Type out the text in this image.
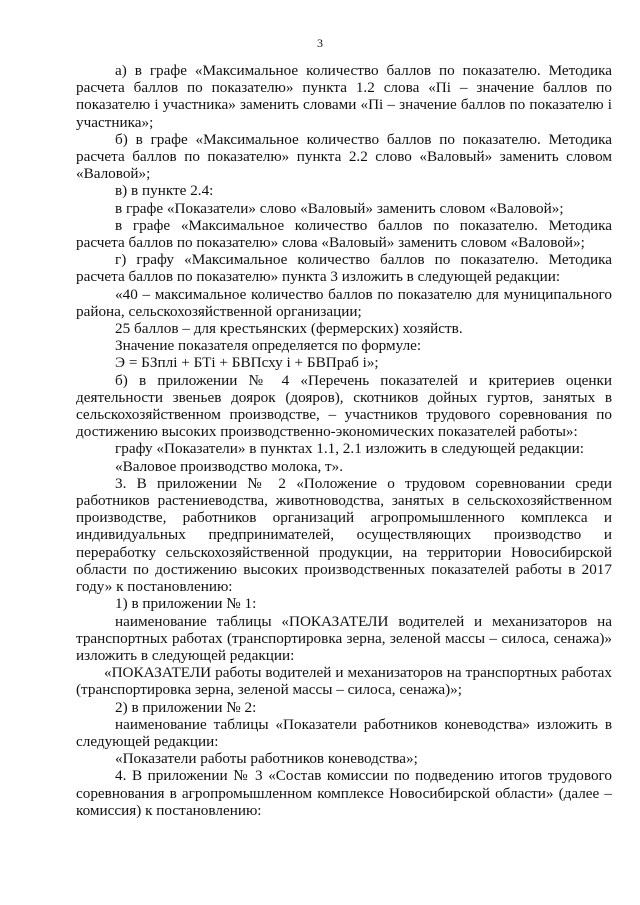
3

а) в графе «Максимальное количество баллов по показателю. Методика расчета баллов по показателю» пункта 1.2 слова «Пi – значение баллов по показателю i участника» заменить словами «Пi – значение баллов по показателю i участника»;

б) в графе «Максимальное количество баллов по показателю. Методика расчета баллов по показателю» пункта 2.2 слово «Валовый» заменить словом «Валовой»;

в) в пункте 2.4:

в графе «Показатели» слово «Валовый» заменить словом «Валовой»;

в графе «Максимальное количество баллов по показателю. Методика расчета баллов по показателю» слова «Валовый» заменить словом «Валовой»;

г) графу «Максимальное количество баллов по показателю. Методика расчета баллов по показателю» пункта 3 изложить в следующей редакции:

«40 – максимальное количество баллов по показателю для муниципального района, сельскохозяйственной организации;

25 баллов – для крестьянских (фермерских) хозяйств.

Значение показателя определяется по формуле:

Э = БЗплi + БТi + БВПсху i + БВПраб i»;

б) в приложении № 4 «Перечень показателей и критериев оценки деятельности звеньев доярок (дояров), скотников дойных гуртов, занятых в сельскохозяйственном производстве, – участников трудового соревнования по достижению высоких производственно-экономических показателей работы»:

графу «Показатели» в пунктах 1.1, 2.1 изложить в следующей редакции:

«Валовое производство молока, т».

3. В приложении № 2 «Положение о трудовом соревновании среди работников растениеводства, животноводства, занятых в сельскохозяйственном производстве, работников организаций агропромышленного комплекса и индивидуальных предпринимателей, осуществляющих производство и переработку сельскохозяйственной продукции, на территории Новосибирской области по достижению высоких производственных показателей работы в 2017 году» к постановлению:

1) в приложении № 1:

наименование таблицы «ПОКАЗАТЕЛИ водителей и механизаторов на транспортных работах (транспортировка зерна, зеленой массы – силоса, сенажа)» изложить в следующей редакции:

«ПОКАЗАТЕЛИ работы водителей и механизаторов на транспортных работах (транспортировка зерна, зеленой массы – силоса, сенажа)»;

2) в приложении № 2:

наименование таблицы «Показатели работников коневодства» изложить в следующей редакции:

«Показатели работы работников коневодства»;

4. В приложении № 3 «Состав комиссии по подведению итогов трудового соревнования в агропромышленном комплексе Новосибирской области» (далее – комиссия) к постановлению:
